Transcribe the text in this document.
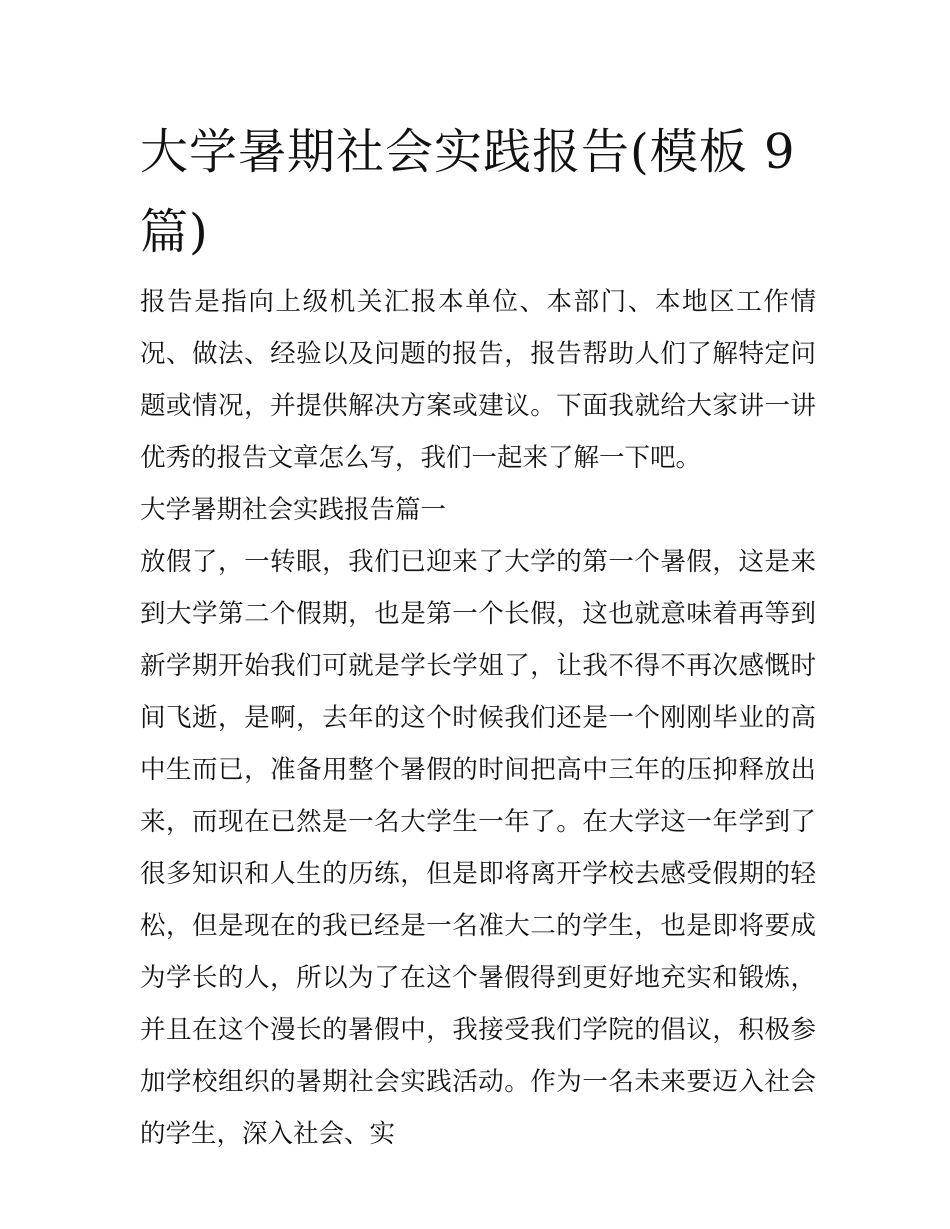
大学暑期社会实践报告(模板 9 篇)

报告是指向上级机关汇报本单位、本部门、本地区工作情况、做法、经验以及问题的报告，报告帮助人们了解特定问题或情况，并提供解决方案或建议。下面我就给大家讲一讲优秀的报告文章怎么写，我们一起来了解一下吧。

大学暑期社会实践报告篇一

放假了，一转眼，我们已迎来了大学的第一个暑假，这是来到大学第二个假期，也是第一个长假，这也就意味着再等到新学期开始我们可就是学长学姐了，让我不得不再次感慨时间飞逝，是啊，去年的这个时候我们还是一个刚刚毕业的高中生而已，准备用整个暑假的时间把高中三年的压抑释放出来，而现在已然是一名大学生一年了。在大学这一年学到了很多知识和人生的历练，但是即将离开学校去感受假期的轻松，但是现在的我已经是一名准大二的学生，也是即将要成为学长的人，所以为了在这个暑假得到更好地充实和锻炼，并且在这个漫长的暑假中，我接受我们学院的倡议，积极参加学校组织的暑期社会实践活动。作为一名未来要迈入社会的学生，深入社会、实
